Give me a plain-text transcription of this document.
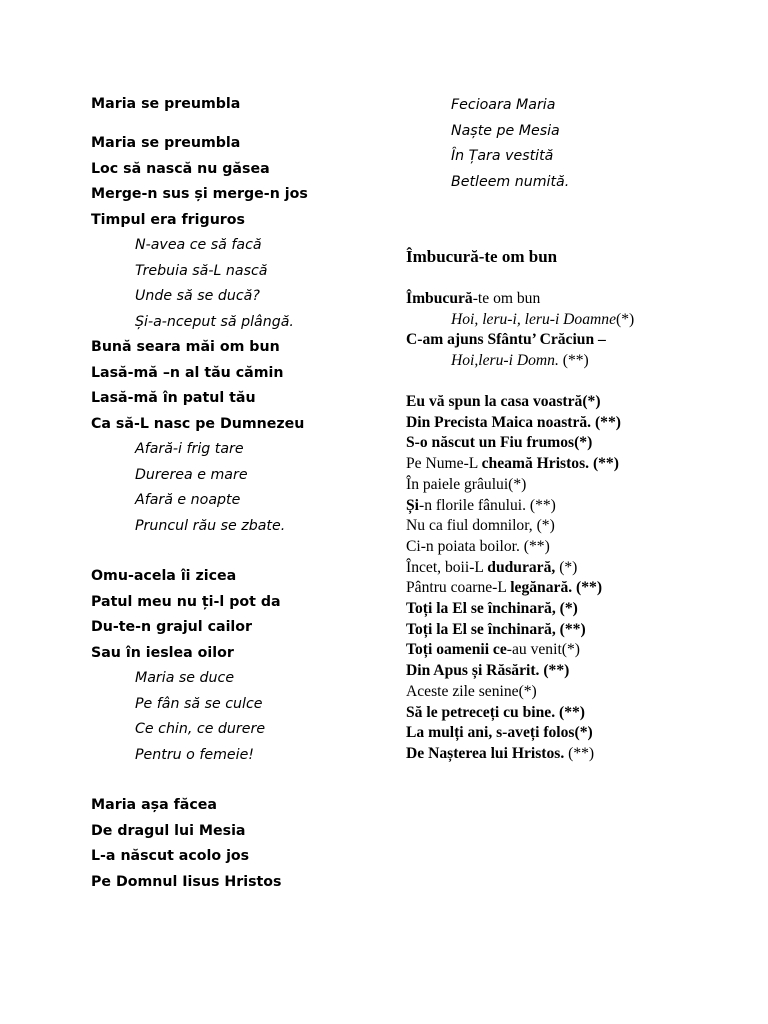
Maria se preumbla
Maria se preumbla
Loc să nască nu găsea
Merge-n sus și merge-n jos
Timpul era friguros
N-avea ce să facă
Trebuia să-L nască
Unde să se ducă?
Și-a-nceput să plângă.
Bună seara măi om bun
Lasă-mă –n al tău cămin
Lasă-mă în patul tău
Ca să-L nasc pe Dumnezeu
Afară-i frig tare
Durerea e mare
Afară e noapte
Pruncul rău se zbate.
Omu-acela îi zicea
Patul meu nu ți-l pot da
Du-te-n grajul cailor
Sau în ieslea oilor
Maria se duce
Pe fân să se culce
Ce chin, ce durere
Pentru o femeie!
Maria așa făcea
De dragul lui Mesia
L-a născut acolo jos
Pe Domnul Iisus Hristos
Fecioara Maria
Naște pe Mesia
În Țara vestită
Betleem numită.
Îmbucură-te om bun
Îmbucură-te om bun
Hoi, leru-i, leru-i Doamne(*)
C-am ajuns Sfântu’ Crăciun –
Hoi,leru-i Domn. (**)
Eu vă spun la casa voastră(*)
Din Precista Maica noastră. (**)
S-o născut un Fiu frumos(*)
Pe Nume-L cheamă Hristos. (**)
În paiele grâului(*)
Și-n florile fânului. (**)
Nu ca fiul domnilor, (*)
Ci-n poiata boilor. (**)
Încet, boii-L dudurară, (*)
Pântru coarne-L legănară. (**)
Toți la El se închinară, (*)
Toți la El se închinară, (**)
Toți oamenii ce-au venit(*)
Din Apus și Răsărit. (**)
Aceste zile senine(*)
Să le petreceți cu bine. (**)
La mulți ani, s-aveți folos(*)
De Nașterea lui Hristos. (**)
